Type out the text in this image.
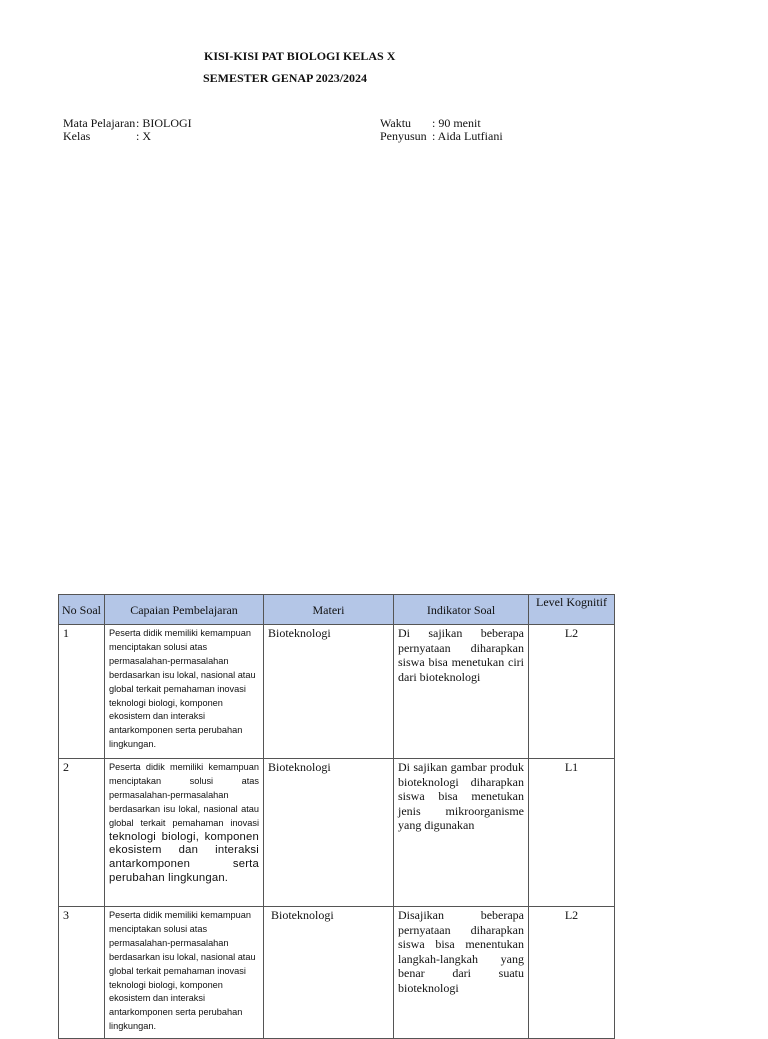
KISI-KISI PAT BIOLOGI KELAS X
SEMESTER GENAP 2023/2024
Mata Pelajaran : BIOLOGI
Kelas	: X
Waktu	: 90 menit
Penyusun : Aida Lutfiani
No Soal	Capaian Pembelajaran	Materi	Indikator Soal	Level Kognitif
1	Peserta didik memiliki kemampuan menciptakan solusi atas permasalahan-permasalahan berdasarkan isu lokal, nasional atau global terkait pemahaman inovasi teknologi biologi, komponen ekosistem dan interaksi antarkomponen serta perubahan lingkungan.	Bioteknologi	Di sajikan beberapa pernyataan diharapkan siswa bisa menetukan ciri dari bioteknologi	L2
2	Peserta didik memiliki kemampuan menciptakan solusi atas permasalahan-permasalahan berdasarkan isu lokal, nasional atau global terkait pemahaman inovasi teknologi biologi, komponen ekosistem dan interaksi antarkomponen serta perubahan lingkungan.	Bioteknologi	Di sajikan gambar produk bioteknologi diharapkan siswa bisa menetukan jenis mikroorganisme yang digunakan	L1
3	Peserta didik memiliki kemampuan menciptakan solusi atas permasalahan-permasalahan berdasarkan isu lokal, nasional atau global terkait pemahaman inovasi teknologi biologi, komponen ekosistem dan interaksi antarkomponen serta perubahan lingkungan.	Bioteknologi	Disajikan beberapa pernyataan diharapkan siswa bisa menentukan langkah-langkah yang benar dari suatu bioteknologi	L2
